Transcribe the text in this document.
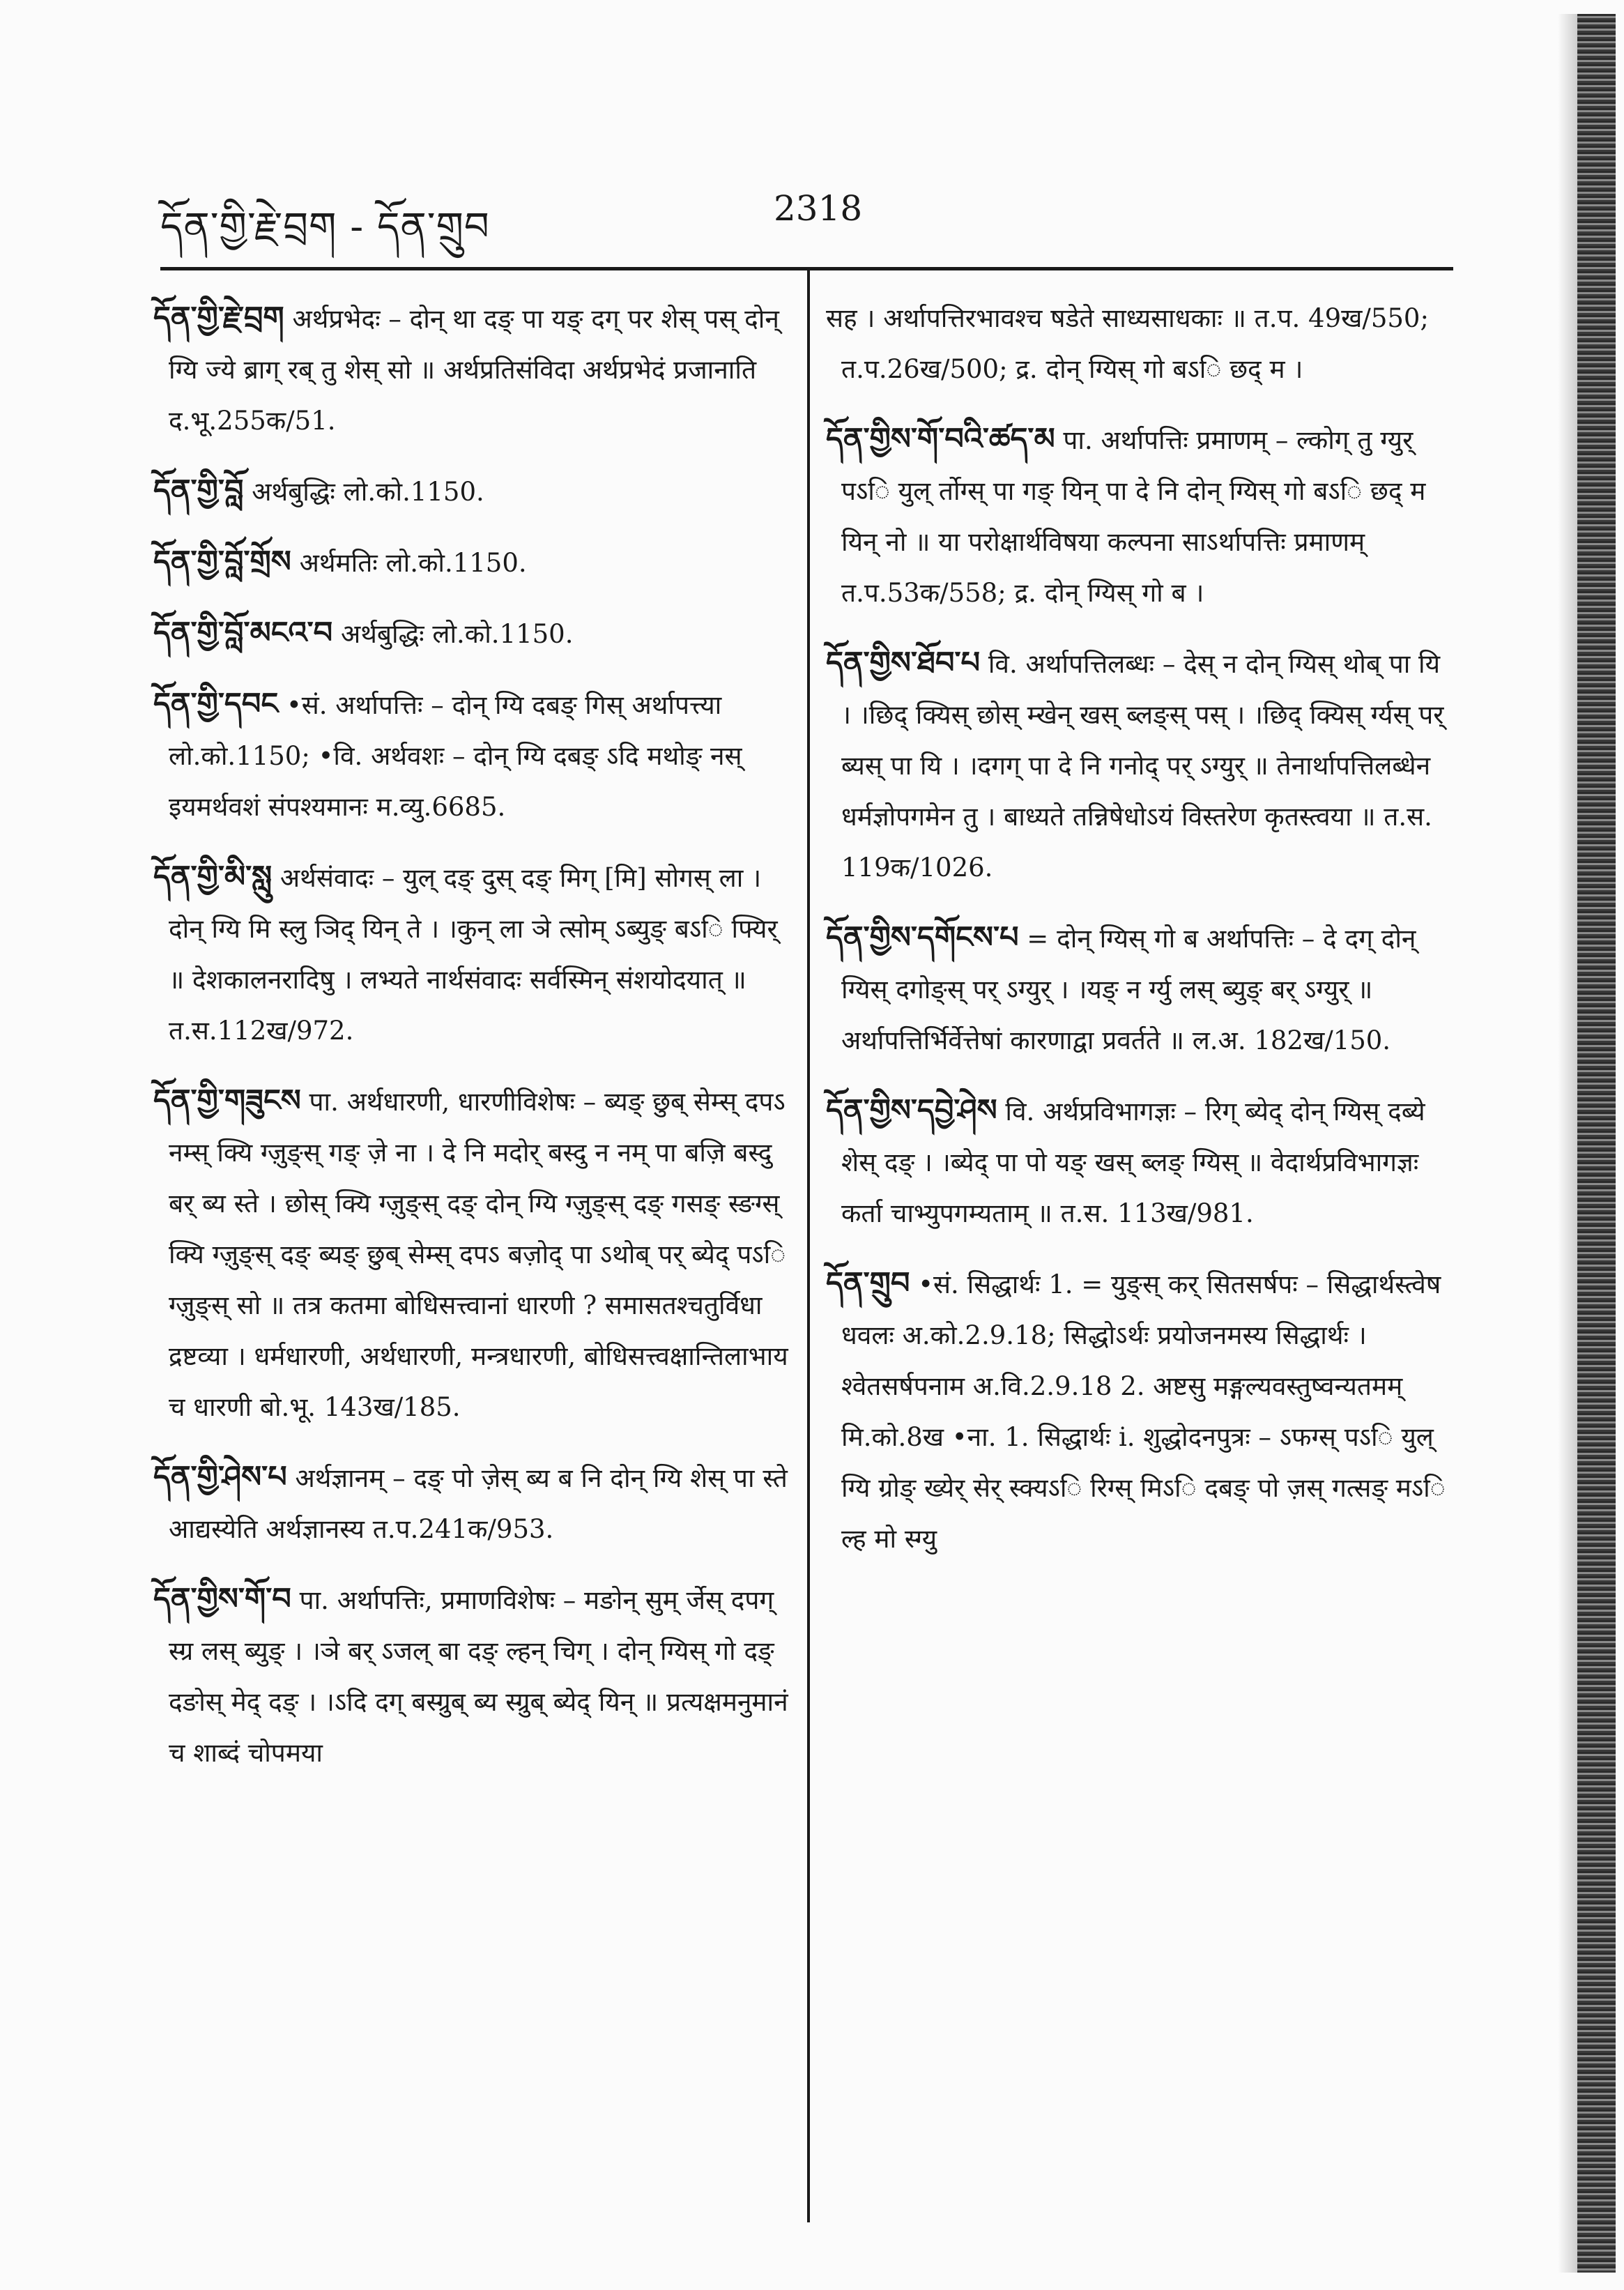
དོན་གྱི་རྗེ་བྲག - དོན་གྲུབ	2318
དོན་གྱི་རྗེ་བྲག अर्थप्रभेदः – दोन्‌ था दङ् पा यङ् दग् पर शेस् पस् दोन् ग्यि ज्ये ब्राग् रब् तु शेस् सो ॥ अर्थप्रतिसंविदा अर्थप्रभेदं प्रजानाति द.भू.255क/51.
དོན་གྱི་བློ अर्थबुद्धिः लो.को.1150.
དོན་གྱི་བློ་གྲོས अर्थमतिः लो.को.1150.
དོན་གྱི་བློ་མངའ་བ अर्थबुद्धिः लो.को.1150.
དོན་གྱི་དབང •सं. अर्थापत्तिः – दोन् ग्यि दबङ् गिस् अर्थापत्त्या लो.को.1150; •वि. अर्थवशः – दोन् ग्यि दबङ् ऽदि मथोङ् नस् इयमर्थवशं संपश्यमानः म.व्यु.6685.
དོན་གྱི་མི་སླུ अर्थसंवादः – युल् दङ् दुस् दङ् मिग् [मि] सोगस् ला । दोन् ग्यि मि स्लु ञिद् यिन् ते । ।कुन् ला ञे त्सोम् ऽब्युङ् बऽि फ्यिर् ॥ देशकालनरादिषु । लभ्यते नार्थसंवादः सर्वस्मिन् संशयोदयात् ॥ त.स.112ख/972.
དོན་གྱི་གཟུངས पा. अर्थधारणी, धारणीविशेषः – ब्यङ् छुब् सेम्स् दपऽ नम्स् क्यि ग्ज़ुङ्स् गङ् ज़े ना । दे नि मदोर् बस्दु न नम् पा बज़ि बस्दु बर् ब्य स्ते । छोस् क्यि ग्ज़ुङ्स् दङ् दोन् ग्यि ग्ज़ुङ्स् दङ् गसङ् स्ङग्स् क्यि ग्ज़ुङ्स् दङ् ब्यङ् छुब् सेम्स् दपऽ बज़ोद् पा ऽथोब् पर् ब्येद् पऽि ग्ज़ुङ्स् सो ॥ तत्र कतमा बोधिसत्त्वानां धारणी ? समासतश्चतुर्विधा द्रष्टव्या । धर्मधारणी, अर्थधारणी, मन्त्रधारणी, बोधिसत्त्वक्षान्तिलाभाय च धारणी बो.भू. 143ख/185.
དོན་གྱི་ཤེས་པ अर्थज्ञानम् – दङ् पो ज़ेस् ब्य ब नि दोन् ग्यि शेस् पा स्ते आद्यस्येति अर्थज्ञानस्य त.प.241क/953.
དོན་གྱིས་གོ་བ पा. अर्थापत्तिः, प्रमाणविशेषः – मङोन् सुम् र्जेस् दपग् स्ग्र लस् ब्युङ् । ।ञे बर् ऽजल् बा दङ् ल्हन् चिग् । दोन् ग्यिस् गो दङ् दङोस् मेद् दङ् । ।ऽदि दग् बस्ग्रुब् ब्य स्ग्रुब् ब्येद् यिन् ॥ प्रत्यक्षमनुमानं च शाब्दं चोपमया
सह । अर्थापत्तिरभावश्च षडेते साध्यसाधकाः ॥ त.प. 49ख/550; त.प.26ख/500; द्र. दोन् ग्यिस् गो बऽि छद् म ।
དོན་གྱིས་གོ་བའི་ཚད་མ पा. अर्थापत्तिः प्रमाणम् – ल्कोग् तु ग्युर् पऽि युल् र्तोग्स् पा गङ् यिन् पा दे नि दोन् ग्यिस् गो बऽि छद् म यिन् नो ॥ या परोक्षार्थविषया कल्पना साऽर्थापत्तिः प्रमाणम् त.प.53क/558; द्र. दोन् ग्यिस् गो ब ।
དོན་གྱིས་ཐོབ་པ वि. अर्थापत्तिलब्धः – देस् न दोन् ग्यिस् थोब् पा यि । ।छिद् क्यिस् छोस् म्खेन् खस् ब्लङ्स् पस् । ।छिद् क्यिस् र्ग्यस् पर् ब्यस् पा यि । ।दगग् पा दे नि गनोद् पर् ऽग्युर् ॥ तेनार्थापत्तिलब्धेन धर्मज्ञोपगमेन तु । बाध्यते तन्निषेधोऽयं विस्तरेण कृतस्त्वया ॥ त.स. 119क/1026.
དོན་གྱིས་དགོངས་པ = दोन् ग्यिस् गो ब अर्थापत्तिः – दे दग् दोन् ग्यिस् दगोङ्स् पर् ऽग्युर् । ।यङ् न र्ग्यु लस् ब्युङ् बर् ऽग्युर् ॥ अर्थापत्तिर्भिर्वेत्तेषां कारणाद्वा प्रवर्तते ॥ ल.अ. 182ख/150.
དོན་གྱིས་དབྱེ་ཤེས वि. अर्थप्रविभागज्ञः – रिग् ब्येद् दोन् ग्यिस् दब्ये शेस् दङ् । ।ब्येद् पा पो यङ् खस् ब्लङ् ग्यिस् ॥ वेदार्थप्रविभागज्ञः कर्ता चाभ्युपगम्यताम् ॥ त.स. 113ख/981.
དོན་གྲུབ •सं. सिद्धार्थः 1. = युङ्स् कर् सितसर्षपः – सिद्धार्थस्त्वेष धवलः अ.को.2.9.18; सिद्धोऽर्थः प्रयोजनमस्य सिद्धार्थः । श्वेतसर्षपनाम अ.वि.2.9.18 2. अष्टसु मङ्गल्यवस्तुष्वन्यतमम् मि.को.8ख •ना. 1. सिद्धार्थः i. शुद्धोदनपुत्रः – ऽफग्स् पऽि युल् ग्यि ग्रोङ् ख्येर् सेर् स्क्यऽि रिग्स् मिऽि दबङ् पो ज़स् गत्सङ् मऽि ल्ह मो स्ग्यु
